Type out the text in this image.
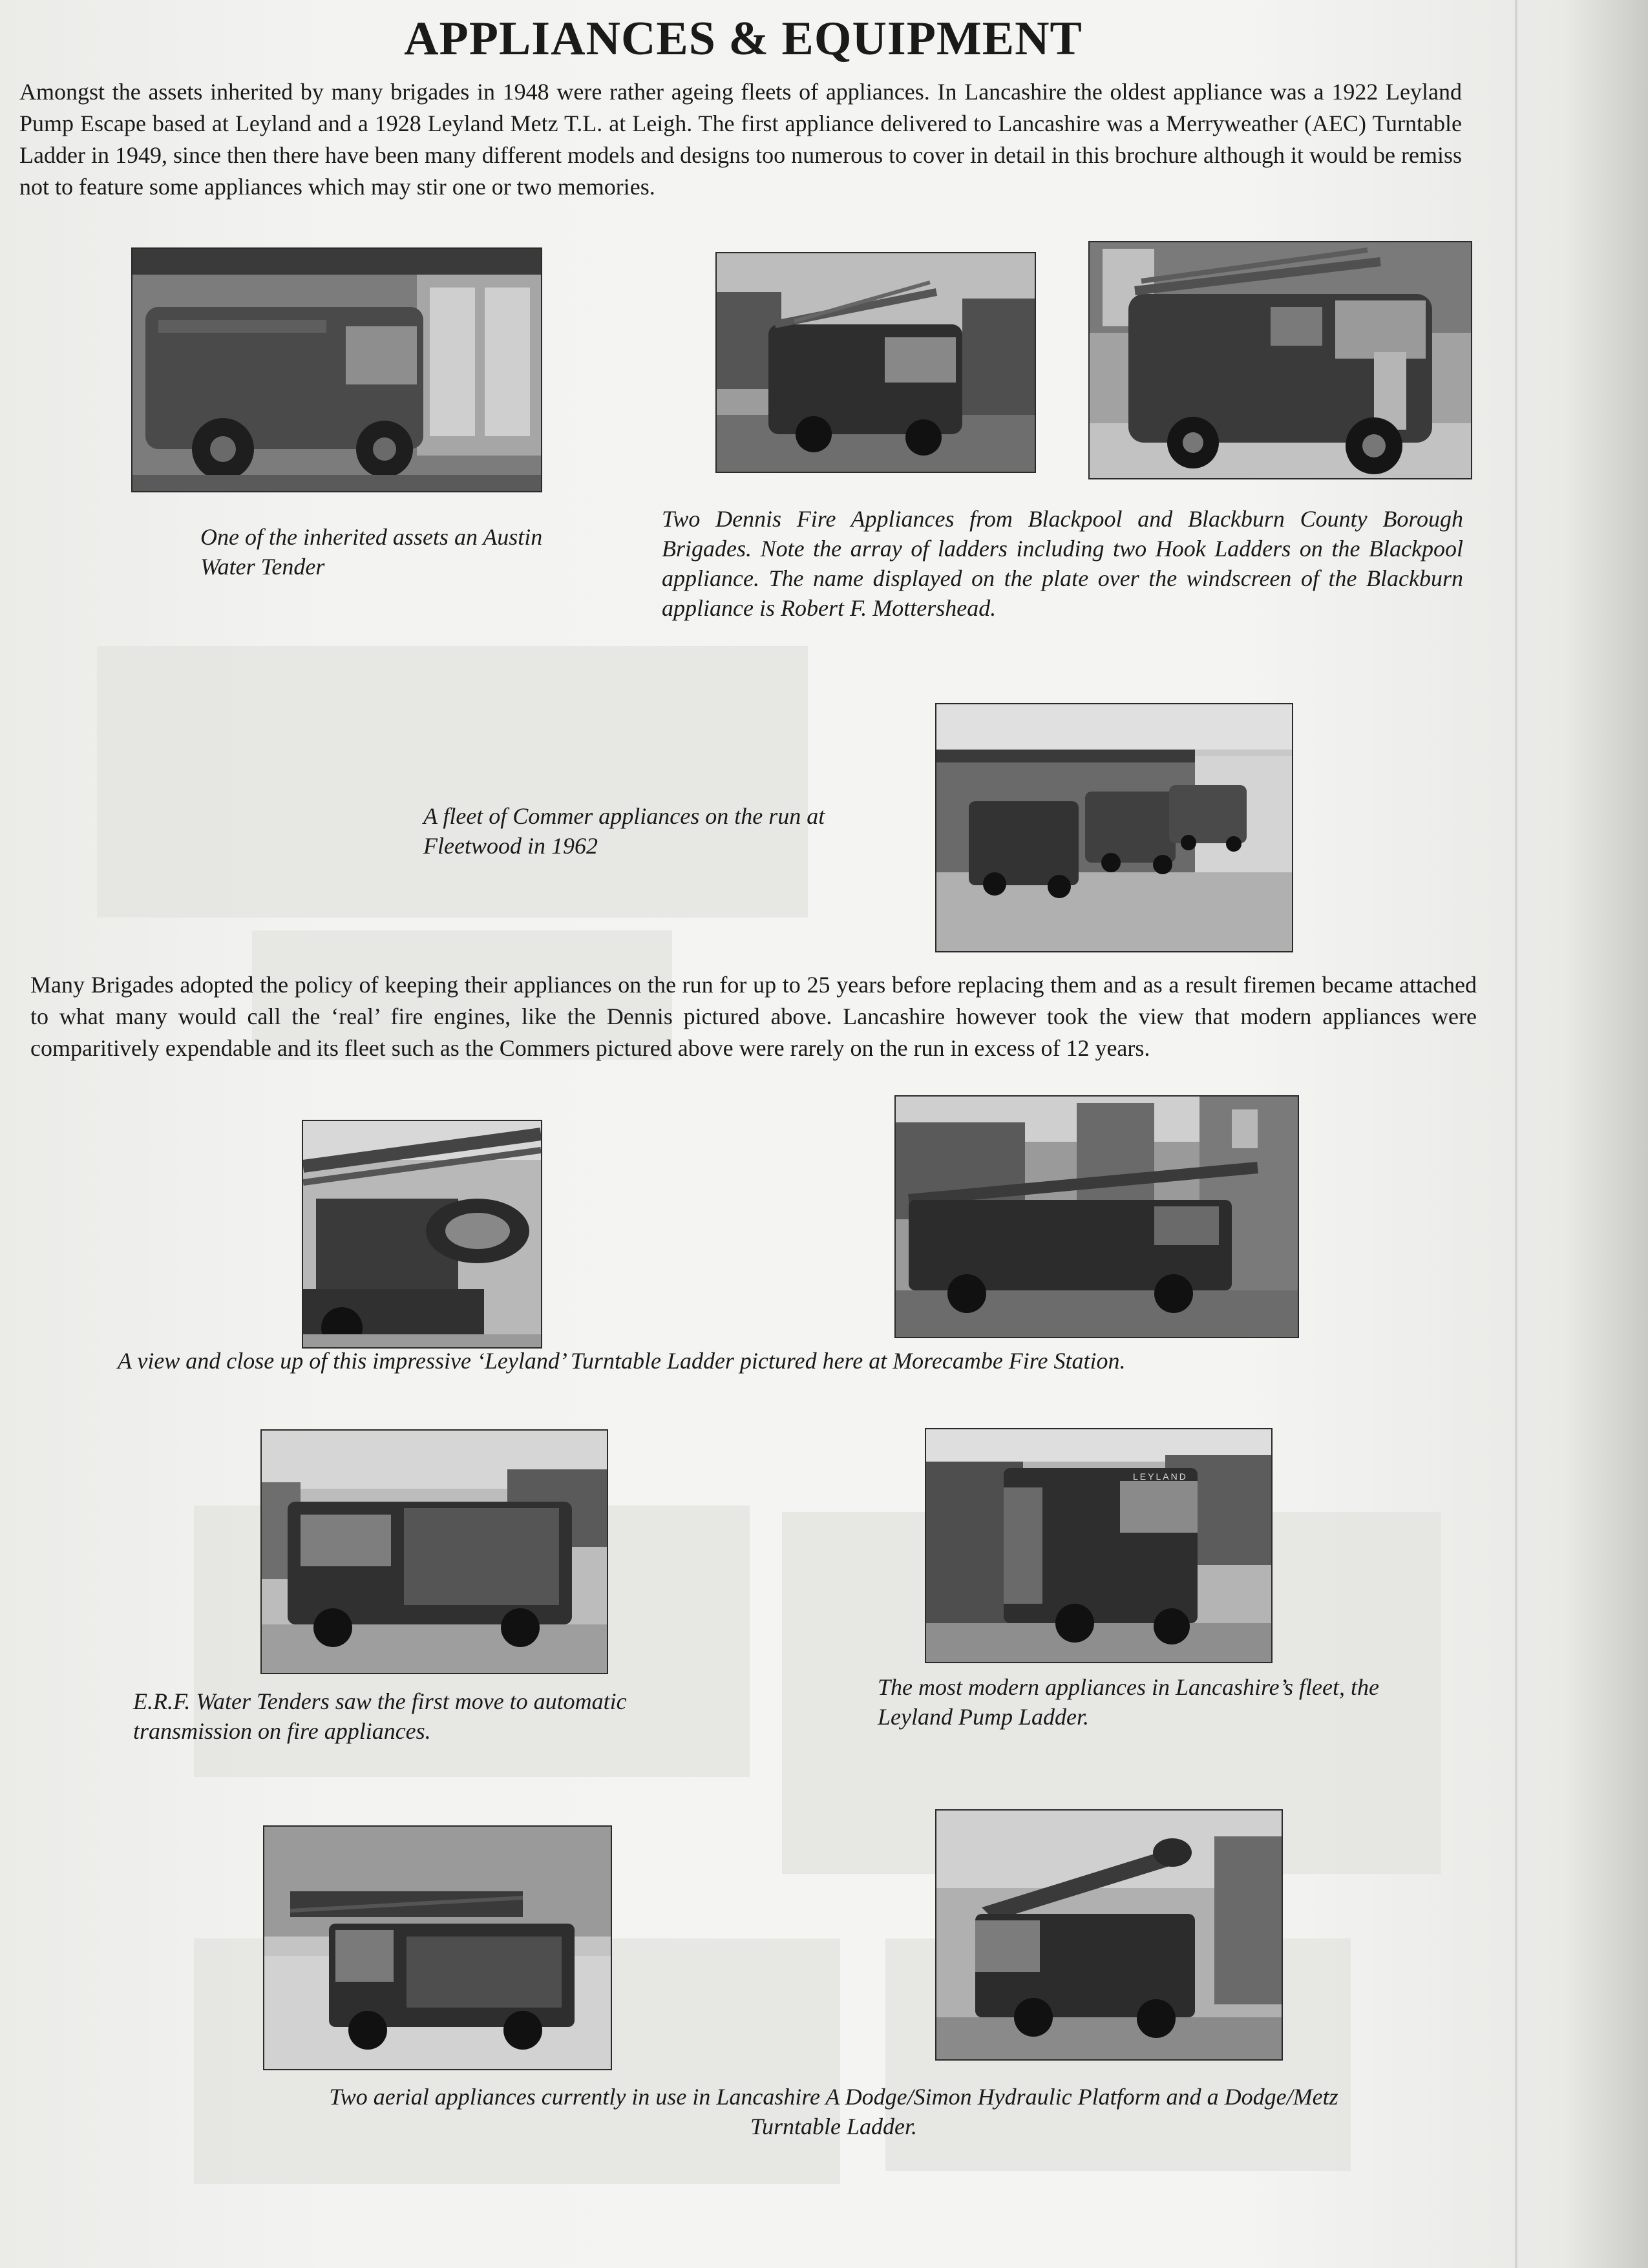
APPLIANCES & EQUIPMENT

Amongst the assets inherited by many brigades in 1948 were rather ageing fleets of appliances. In Lancashire the oldest appliance was a 1922 Leyland Pump Escape based at Leyland and a 1928 Leyland Metz T.L. at Leigh. The first appliance delivered to Lancashire was a Merryweather (AEC) Turntable Ladder in 1949, since then there have been many different models and designs too numerous to cover in detail in this brochure although it would be remiss not to feature some appliances which may stir one or two memories.

One of the inherited assets an Austin Water Tender

Two Dennis Fire Appliances from Blackpool and Blackburn County Borough Brigades. Note the array of ladders including two Hook Ladders on the Blackpool appliance. The name displayed on the plate over the windscreen of the Blackburn appliance is Robert F. Mottershead.

A fleet of Commer appliances on the run at Fleetwood in 1962

Many Brigades adopted the policy of keeping their appliances on the run for up to 25 years before replacing them and as a result firemen became attached to what many would call the ‘real’ fire engines, like the Dennis pictured above. Lancashire however took the view that modern appliances were comparitively expendable and its fleet such as the Commers pictured above were rarely on the run in excess of 12 years.

A view and close up of this impressive ‘Leyland’ Turntable Ladder pictured here at Morecambe Fire Station.

LEYLAND

E.R.F. Water Tenders saw the first move to automatic transmission on fire appliances.

The most modern appliances in Lancashire’s fleet, the Leyland Pump Ladder.

Two aerial appliances currently in use in Lancashire A Dodge/Simon Hydraulic Platform and a Dodge/Metz Turntable Ladder.
